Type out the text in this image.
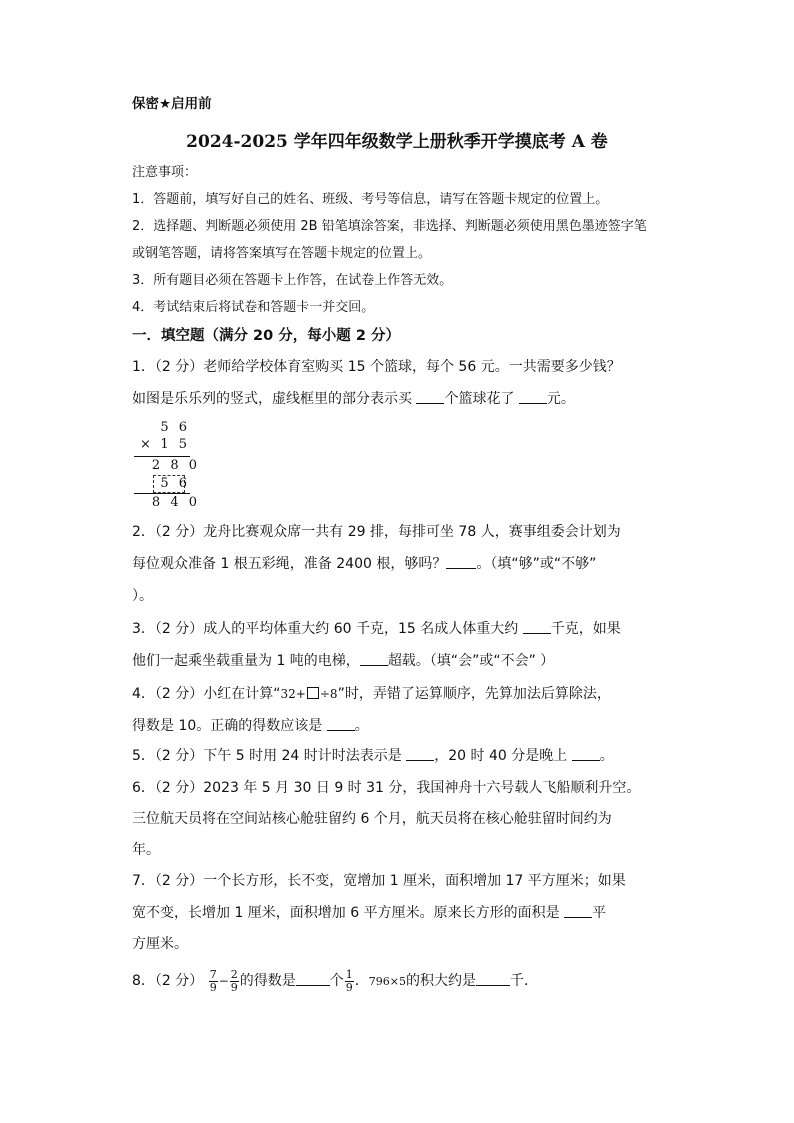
保密★启用前
2024-2025 学年四年级数学上册秋季开学摸底考 A 卷
注意事项：
1．答题前，填写好自己的姓名、班级、考号等信息，请写在答题卡规定的位置上。
2．选择题、判断题必须使用 2B 铅笔填涂答案，非选择、判断题必须使用黑色墨迹签字笔
或钢笔答题，请将答案填写在答题卡规定的位置上。
3．所有题目必须在答题卡上作答，在试卷上作答无效。
4．考试结束后将试卷和答题卡一并交回。
一．填空题（满分 20 分，每小题 2 分）
1．（2 分）老师给学校体育室购买 15 个篮球，每个 56 元。一共需要多少钱？
如图是乐乐列的竖式，虚线框里的部分表示买 个篮球花了 元。
5 6
× 1 5
2 8 0
5 6
8 4 0
2．（2 分）龙舟比赛观众席一共有 29 排，每排可坐 78 人，赛事组委会计划为
每位观众准备 1 根五彩绳，准备 2400 根，够吗？ 。（填“够”或“不够”
）。
3．（2 分）成人的平均体重大约 60 千克，15 名成人体重大约 千克，如果
他们一起乘坐载重量为 1 吨的电梯， 超载。（填“会”或“不会” ）
4．（2 分）小红在计算“32+ ÷8”时，弄错了运算顺序，先算加法后算除法，
得数是 10。正确的得数应该是 。
5．（2 分）下午 5 时用 24 时计时法表示是 ，20 时 40 分是晚上 。
6．（2 分）2023 年 5 月 30 日 9 时 31 分，我国神舟十六号载人飞船顺利升空。
三位航天员将在空间站核心舱驻留约 6 个月，航天员将在核心舱驻留时间约为
年。
7．（2 分）一个长方形，长不变，宽增加 1 厘米，面积增加 17 平方厘米；如果
宽不变，长增加 1 厘米，面积增加 6 平方厘米。原来长方形的面积是 平
方厘米。
8．（2 分） $\frac{7}{9} - \frac{2}{9}$ 的得数是 个 $\frac{1}{9}$ ．796×5的积大约是 千．
